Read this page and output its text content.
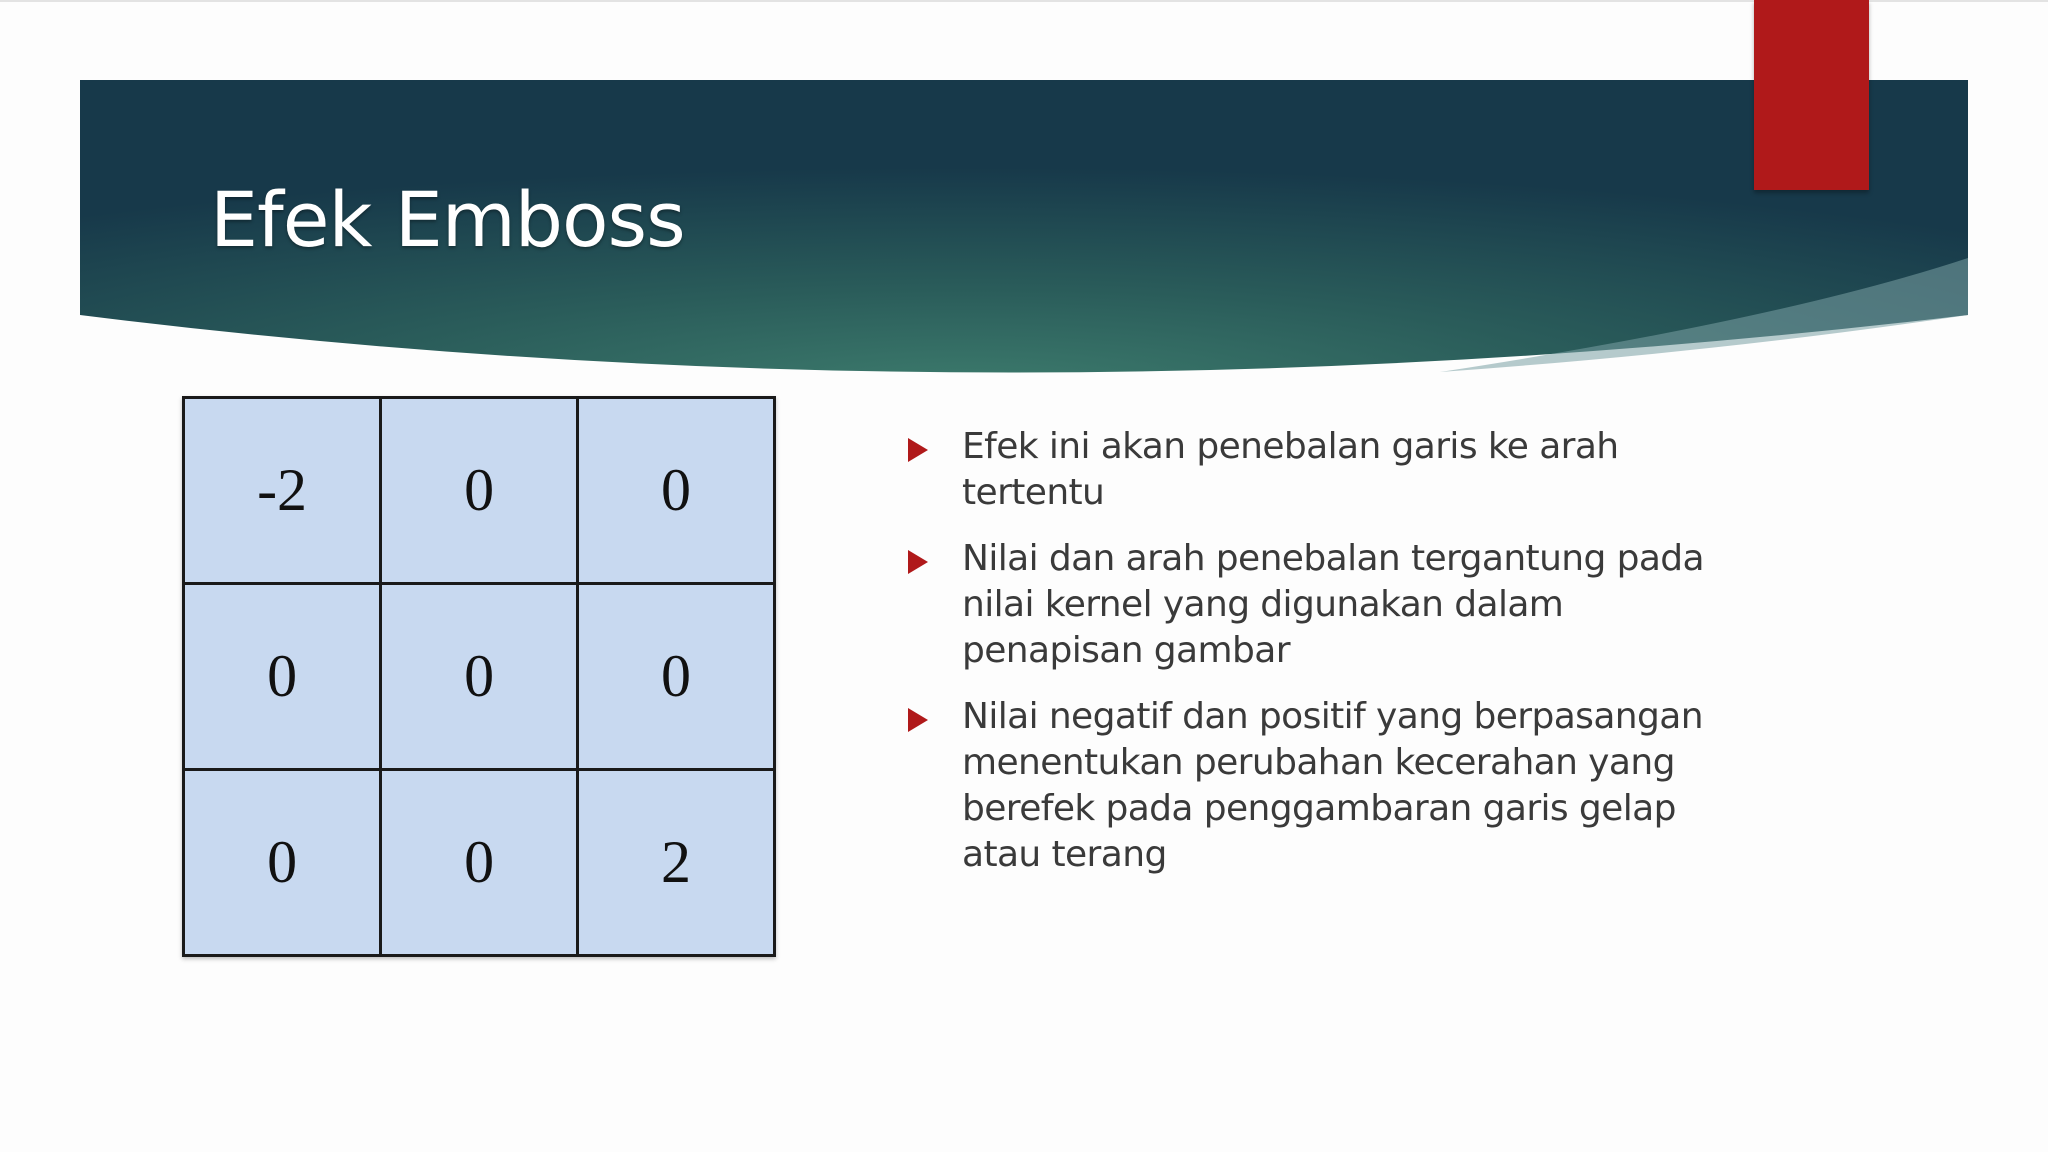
Efek Emboss
-2	0	0
0	0	0
0	0	2
Efek ini akan penebalan garis ke arah tertentu
Nilai dan arah penebalan tergantung pada nilai kernel yang digunakan dalam penapisan gambar
Nilai negatif dan positif yang berpasangan menentukan perubahan kecerahan yang berefek pada penggambaran garis gelap atau terang
